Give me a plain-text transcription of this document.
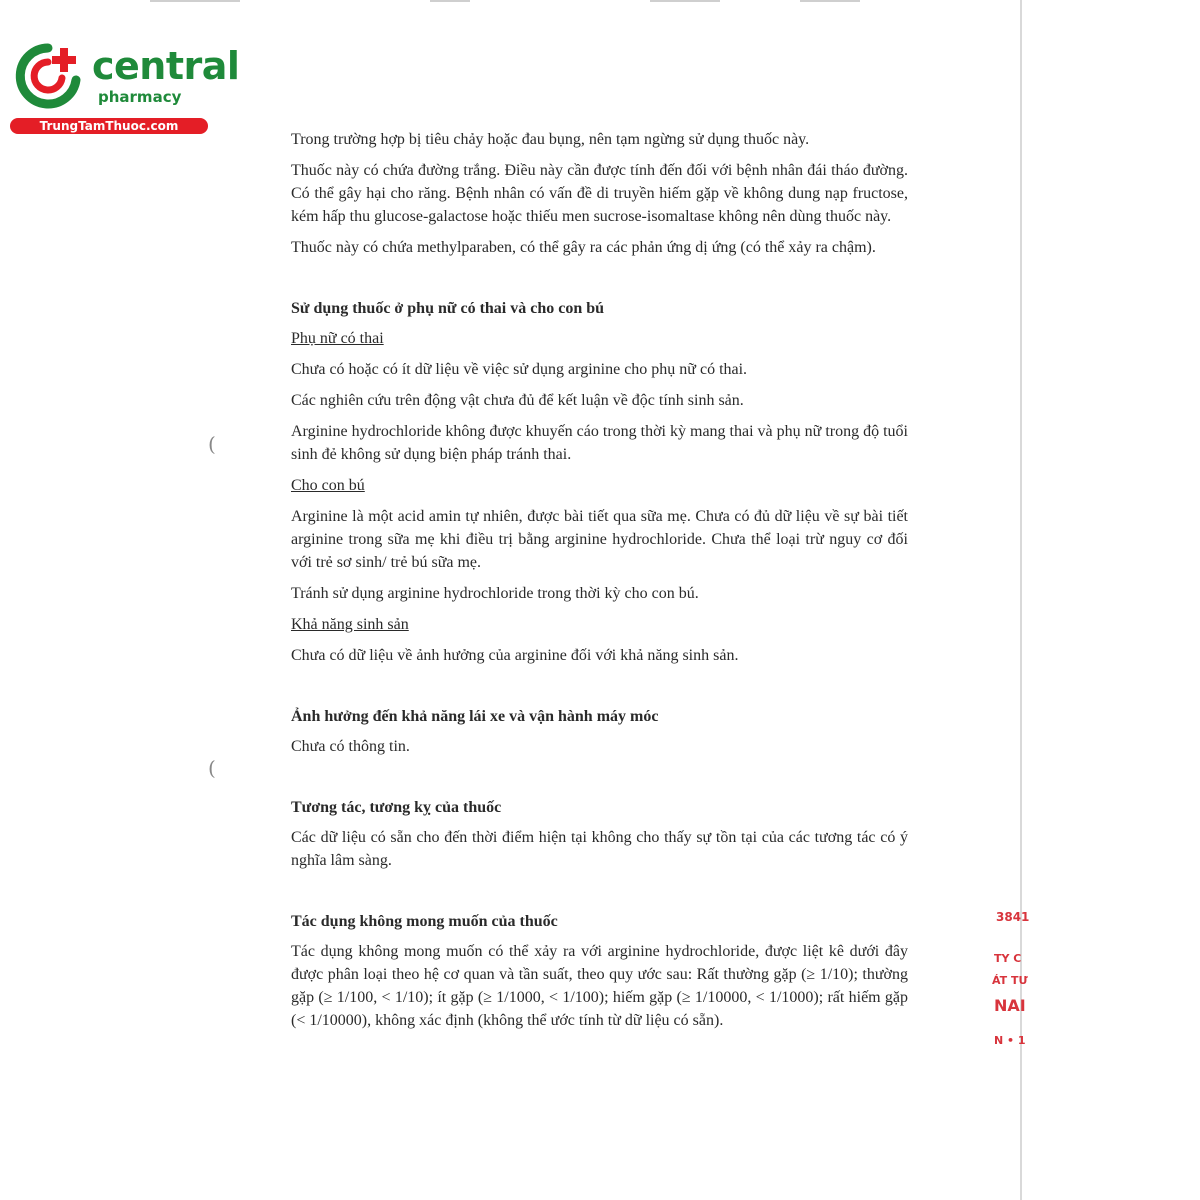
central
pharmacy
TrungTamThuoc.com
(
(

Trong trường hợp bị tiêu chảy hoặc đau bụng, nên tạm ngừng sử dụng thuốc này.

Thuốc này có chứa đường trắng. Điều này cần được tính đến đối với bệnh nhân đái tháo đường. Có thể gây hại cho răng. Bệnh nhân có vấn đề di truyền hiếm gặp về không dung nạp fructose, kém hấp thu glucose-galactose hoặc thiếu men sucrose-isomaltase không nên dùng thuốc này.

Thuốc này có chứa methylparaben, có thể gây ra các phản ứng dị ứng (có thể xảy ra chậm).

Sử dụng thuốc ở phụ nữ có thai và cho con bú
Phụ nữ có thai

Chưa có hoặc có ít dữ liệu về việc sử dụng arginine cho phụ nữ có thai.

Các nghiên cứu trên động vật chưa đủ để kết luận về độc tính sinh sản.

Arginine hydrochloride không được khuyến cáo trong thời kỳ mang thai và phụ nữ trong độ tuổi sinh đẻ không sử dụng biện pháp tránh thai.

Cho con bú

Arginine là một acid amin tự nhiên, được bài tiết qua sữa mẹ. Chưa có đủ dữ liệu về sự bài tiết arginine trong sữa mẹ khi điều trị bằng arginine hydrochloride. Chưa thể loại trừ nguy cơ đối với trẻ sơ sinh/ trẻ bú sữa mẹ.

Tránh sử dụng arginine hydrochloride trong thời kỳ cho con bú.

Khả năng sinh sản

Chưa có dữ liệu về ảnh hưởng của arginine đối với khả năng sinh sản.

Ảnh hưởng đến khả năng lái xe và vận hành máy móc

Chưa có thông tin.

Tương tác, tương kỵ của thuốc

Các dữ liệu có sẵn cho đến thời điểm hiện tại không cho thấy sự tồn tại của các tương tác có ý nghĩa lâm sàng.

Tác dụng không mong muốn của thuốc

Tác dụng không mong muốn có thể xảy ra với arginine hydrochloride, được liệt kê dưới đây được phân loại theo hệ cơ quan và tần suất, theo quy ước sau: Rất thường gặp (≥ 1/10); thường gặp (≥ 1/100, < 1/10); ít gặp (≥ 1/1000, < 1/100); hiếm gặp (≥ 1/10000, < 1/1000); rất hiếm gặp (< 1/10000), không xác định (không thể ước tính từ dữ liệu có sẵn).

3841
TY C
ÁT TƯ
NAI
N • 1
